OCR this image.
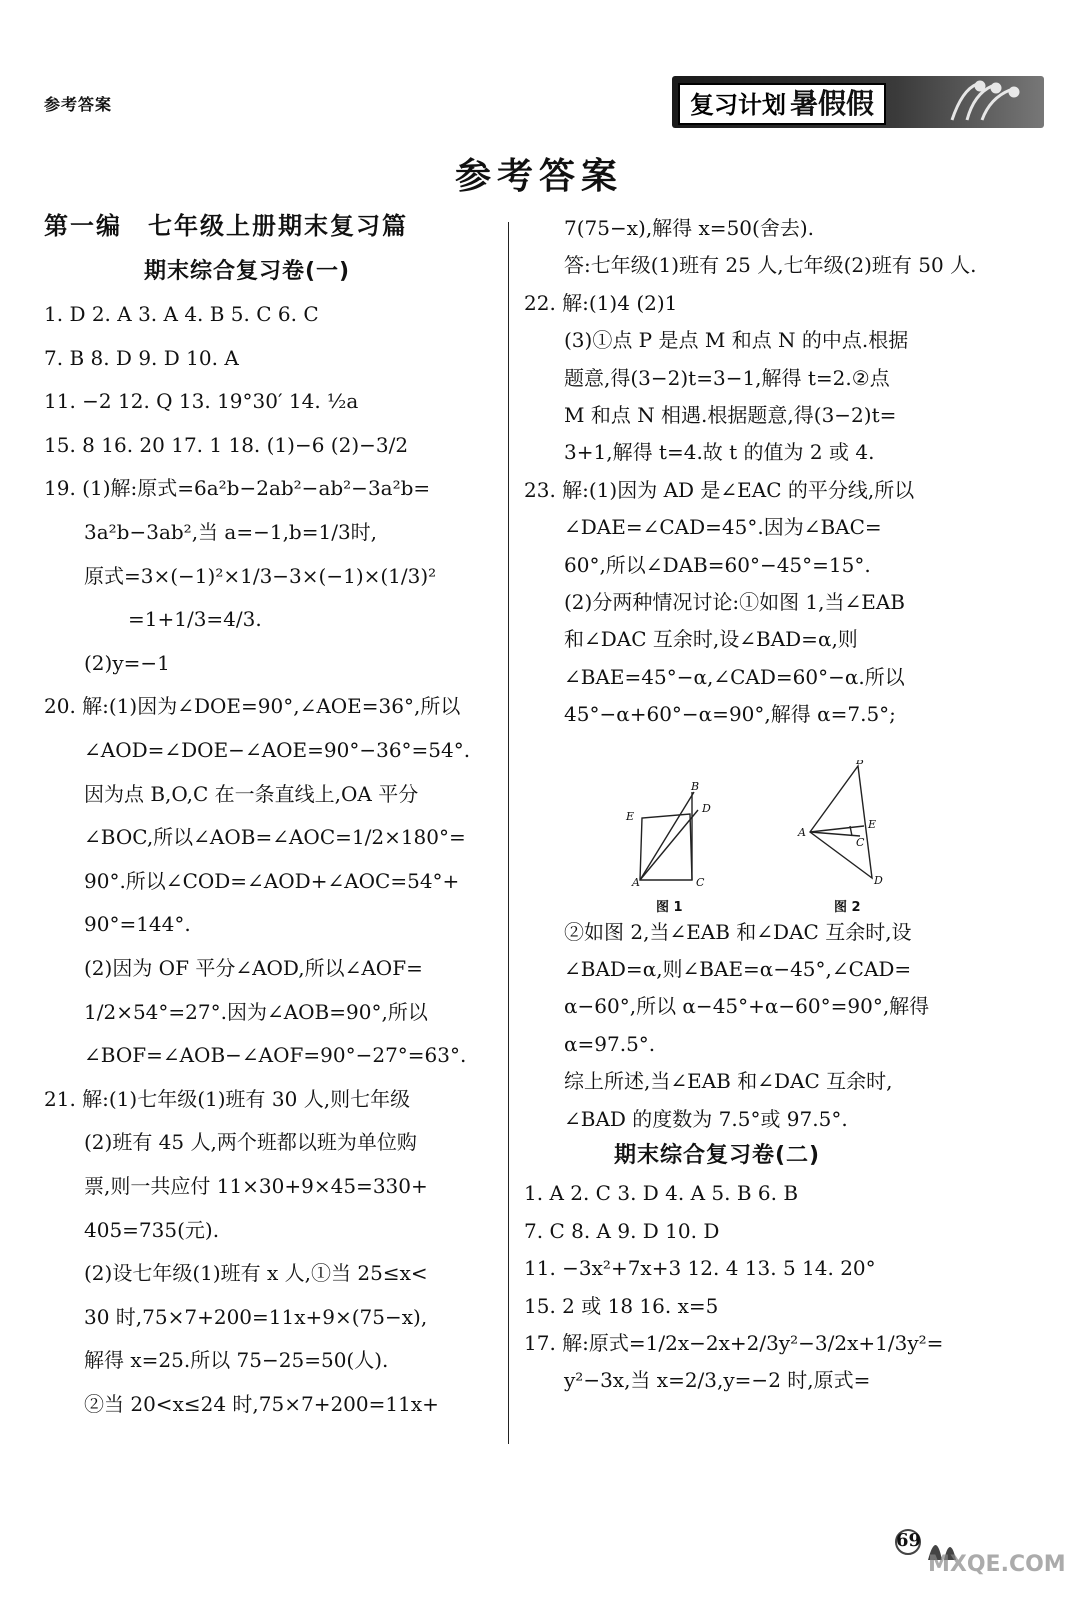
参考答案	复习计划 暑假假
参考答案
第一编　七年级上册期末复习篇
期末综合复习卷(一)
1. D 2. A 3. A 4. B 5. C 6. C
7. B 8. D 9. D 10. A
11. −2 12. Q 13. 19°30′ 14. ½a
15. 8 16. 20 17. 1 18. (1)−6 (2)−3/2
19. (1)解:原式=6a²b−2ab²−ab²−3a²b=
3a²b−3ab²,当 a=−1,b=1/3时,
原式=3×(−1)²×1/3−3×(−1)×(1/3)²
=1+1/3=4/3.
(2)y=−1
20. 解:(1)因为∠DOE=90°,∠AOE=36°,所以
∠AOD=∠DOE−∠AOE=90°−36°=54°.
因为点 B,O,C 在一条直线上,OA 平分
∠BOC,所以∠AOB=∠AOC=1/2×180°=
90°.所以∠COD=∠AOD+∠AOC=54°+
90°=144°.
(2)因为 OF 平分∠AOD,所以∠AOF=
1/2×54°=27°.因为∠AOB=90°,所以
∠BOF=∠AOB−∠AOF=90°−27°=63°.
21. 解:(1)七年级(1)班有 30 人,则七年级
(2)班有 45 人,两个班都以班为单位购
票,则一共应付 11×30+9×45=330+
405=735(元).
(2)设七年级(1)班有 x 人,①当 25≤x<
30 时,75×7+200=11x+9×(75−x),
解得 x=25.所以 75−25=50(人).
②当 20<x≤24 时,75×7+200=11x+
7(75−x),解得 x=50(舍去).
答:七年级(1)班有 25 人,七年级(2)班有 50 人.
22. 解:(1)4 (2)1
(3)①点 P 是点 M 和点 N 的中点.根据
题意,得(3−2)t=3−1,解得 t=2.②点
M 和点 N 相遇.根据题意,得(3−2)t=
3+1,解得 t=4.故 t 的值为 2 或 4.
23. 解:(1)因为 AD 是∠EAC 的平分线,所以
∠DAE=∠CAD=45°.因为∠BAC=
60°,所以∠DAB=60°−45°=15°.
(2)分两种情况讨论:①如图 1,当∠EAB
和∠DAC 互余时,设∠BAD=α,则
∠BAE=45°−α,∠CAD=60°−α.所以
45°−α+60°−α=90°,解得 α=7.5°;
②如图 2,当∠EAB 和∠DAC 互余时,设
∠BAD=α,则∠BAE=α−45°,∠CAD=
α−60°,所以 α−45°+α−60°=90°,解得
α=97.5°.
综上所述,当∠EAB 和∠DAC 互余时,
∠BAD 的度数为 7.5°或 97.5°.
期末综合复习卷(二)
1. A 2. C 3. D 4. A 5. B 6. B
7. C 8. A 9. D 10. D
11. −3x²+7x+3 12. 4 13. 5 14. 20°
15. 2 或 18 16. x=5
17. 解:原式=1/2x−2x+2/3y²−3/2x+1/3y²=
y²−3x,当 x=2/3,y=−2 时,原式=
E
B
D
A	C
B
A
E
C
D
图 1	图 2
69
MXQE.COM
